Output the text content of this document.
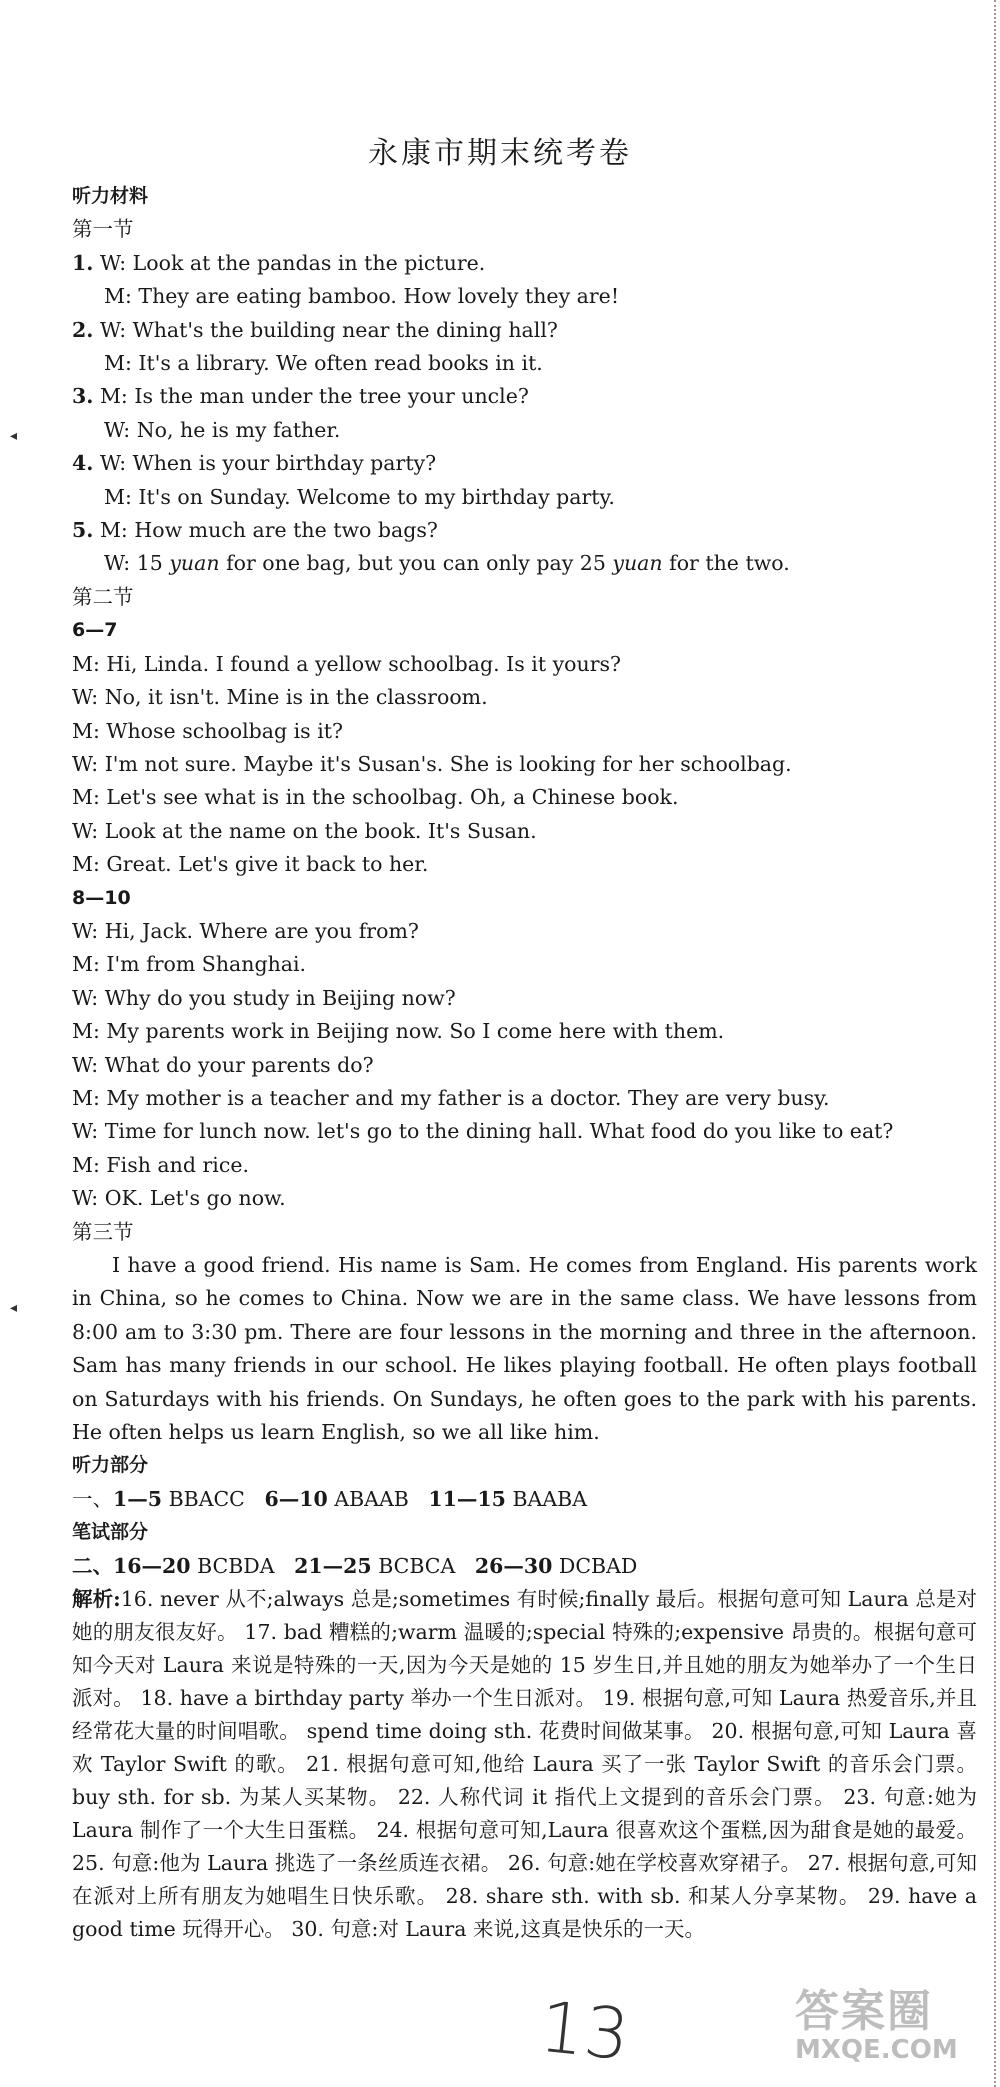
◂
◂
永康市期末统考卷
听力材料
第一节
1. W: Look at the pandas in the picture.
M: They are eating bamboo. How lovely they are!
2. W: What's the building near the dining hall?
M: It's a library. We often read books in it.
3. M: Is the man under the tree your uncle?
W: No, he is my father.
4. W: When is your birthday party?
M: It's on Sunday. Welcome to my birthday party.
5. M: How much are the two bags?
W: 15 yuan for one bag, but you can only pay 25 yuan for the two.
第二节
6—7
M: Hi, Linda. I found a yellow schoolbag. Is it yours?
W: No, it isn't. Mine is in the classroom.
M: Whose schoolbag is it?
W: I'm not sure. Maybe it's Susan's. She is looking for her schoolbag.
M: Let's see what is in the schoolbag. Oh, a Chinese book.
W: Look at the name on the book. It's Susan.
M: Great. Let's give it back to her.
8—10
W: Hi, Jack. Where are you from?
M: I'm from Shanghai.
W: Why do you study in Beijing now?
M: My parents work in Beijing now. So I come here with them.
W: What do your parents do?
M: My mother is a teacher and my father is a doctor. They are very busy.
W: Time for lunch now. let's go to the dining hall. What food do you like to eat?
M: Fish and rice.
W: OK. Let's go now.
第三节
I have a good friend. His name is Sam. He comes from England. His parents work in China, so he comes to China. Now we are in the same class. We have lessons from 8:00 am to 3:30 pm. There are four lessons in the morning and three in the afternoon. Sam has many friends in our school. He likes playing football. He often plays football on Saturdays with his friends. On Sundays, he often goes to the park with his parents. He often helps us learn English, so we all like him.
听力部分
一、1—5 BBACC 6—10 ABAAB 11—15 BAABA
笔试部分
二、16—20 BCBDA 21—25 BCBCA 26—30 DCBAD
解析:16. never 从不;always 总是;sometimes 有时候;finally 最后。根据句意可知 Laura 总是对她的朋友很友好。 17. bad 糟糕的;warm 温暖的;special 特殊的;expensive 昂贵的。根据句意可知今天对 Laura 来说是特殊的一天,因为今天是她的 15 岁生日,并且她的朋友为她举办了一个生日派对。 18. have a birthday party 举办一个生日派对。 19. 根据句意,可知 Laura 热爱音乐,并且经常花大量的时间唱歌。 spend time doing sth. 花费时间做某事。 20. 根据句意,可知 Laura 喜欢 Taylor Swift 的歌。 21. 根据句意可知,他给 Laura 买了一张 Taylor Swift 的音乐会门票。 buy sth. for sb. 为某人买某物。 22. 人称代词 it 指代上文提到的音乐会门票。 23. 句意:她为 Laura 制作了一个大生日蛋糕。 24. 根据句意可知,Laura 很喜欢这个蛋糕,因为甜食是她的最爱。 25. 句意:他为 Laura 挑选了一条丝质连衣裙。 26. 句意:她在学校喜欢穿裙子。 27. 根据句意,可知在派对上所有朋友为她唱生日快乐歌。 28. share sth. with sb. 和某人分享某物。 29. have a good time 玩得开心。 30. 句意:对 Laura 来说,这真是快乐的一天。
13	答案圈
MXQE.COM
